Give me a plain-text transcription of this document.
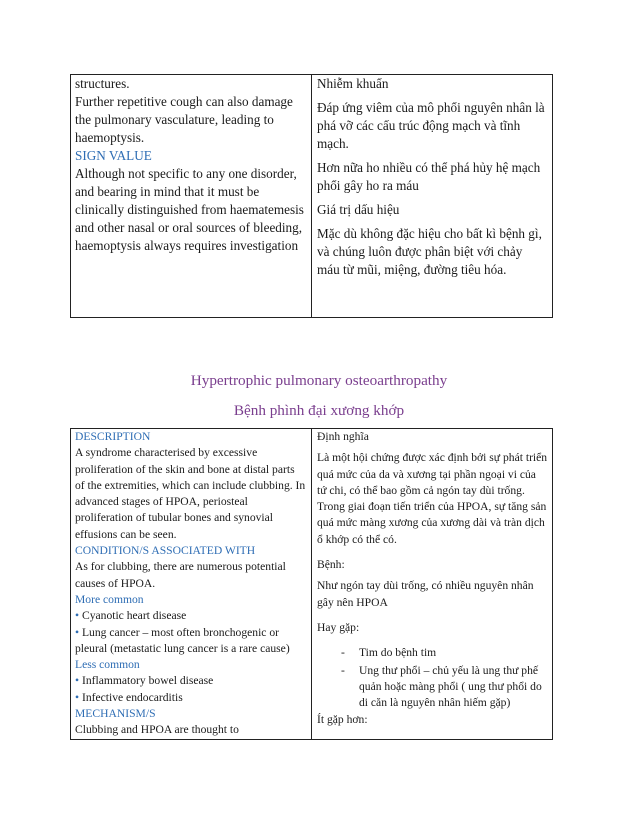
structures.

Further repetitive cough can also damage the pulmonary vasculature, leading to haemoptysis.

SIGN VALUE

Although not specific to any one disorder, and bearing in mind that it must be clinically distinguished from haematemesis and other nasal or oral sources of bleeding, haemoptysis always requires investigation

Nhiễm khuẩn

Đáp ứng viêm của mô phổi nguyên nhân là phá vỡ các cấu trúc động mạch và tĩnh mạch.

Hơn nữa ho nhiều có thể phá hủy hệ mạch phổi gây ho ra máu

Giá trị dấu hiệu

Mặc dù không đặc hiệu cho bất kì bệnh gì, và chúng luôn được phân biệt với chảy máu từ mũi, miệng, đường tiêu hóa.

Hypertrophic pulmonary osteoarthropathy
Bệnh phình đại xương khớp

DESCRIPTION

A syndrome characterised by excessive proliferation of the skin and bone at distal parts of the extremities, which can include clubbing. In advanced stages of HPOA, periosteal proliferation of tubular bones and synovial effusions can be seen.

CONDITION/S ASSOCIATED WITH

As for clubbing, there are numerous potential causes of HPOA.

More common

• Cyanotic heart disease

• Lung cancer – most often bronchogenic or pleural (metastatic lung cancer is a rare cause)

Less common

• Inflammatory bowel disease

• Infective endocarditis

MECHANISM/S

Clubbing and HPOA are thought to

Định nghĩa

Là một hội chứng được xác định bởi sự phát triển quá mức của da và xương tại phần ngoại vi của tứ chi, có thể bao gồm cả ngón tay dùi trống. Trong giai đoạn tiến triển của HPOA, sự tăng sản quá mức màng xương của xương dài và tràn dịch ổ khớp có thể có.

Bệnh:

Như ngón tay dùi trống, có nhiều nguyên nhân gây nên HPOA

Hay gặp:

- Tim do bệnh tim
- Ung thư phổi – chủ yếu là ung thư phế quản hoặc màng phổi ( ung thư phổi do di căn là nguyên nhân hiếm gặp)

Ít gặp hơn:
